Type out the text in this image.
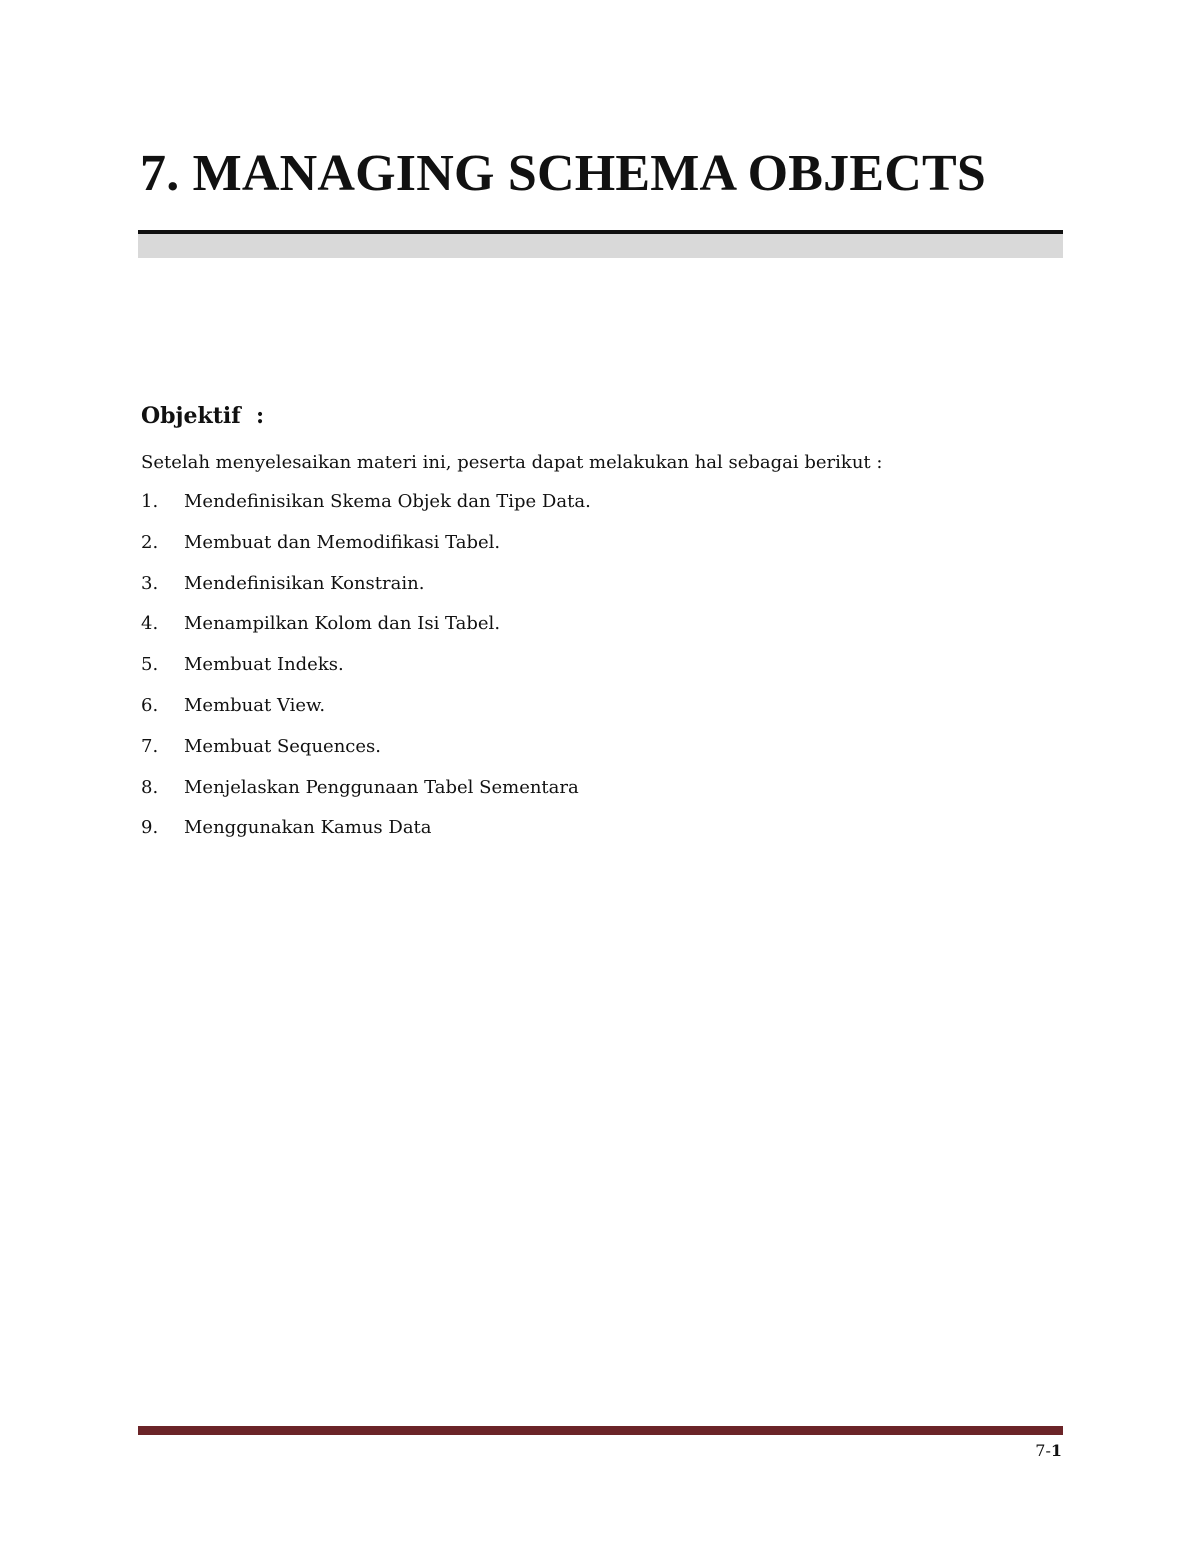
7. MANAGING SCHEMA OBJECTS
Objektif  :

Setelah menyelesaikan materi ini, peserta dapat melakukan hal sebagai berikut :

1.	Mendefinisikan Skema Objek dan Tipe Data.
2.	Membuat dan Memodifikasi Tabel.
3.	Mendefinisikan Konstrain.
4.	Menampilkan Kolom dan Isi Tabel.
5.	Membuat Indeks.
6.	Membuat View.
7.	Membuat Sequences.
8.	Menjelaskan Penggunaan Tabel Sementara
9.	Menggunakan Kamus Data

7-1
